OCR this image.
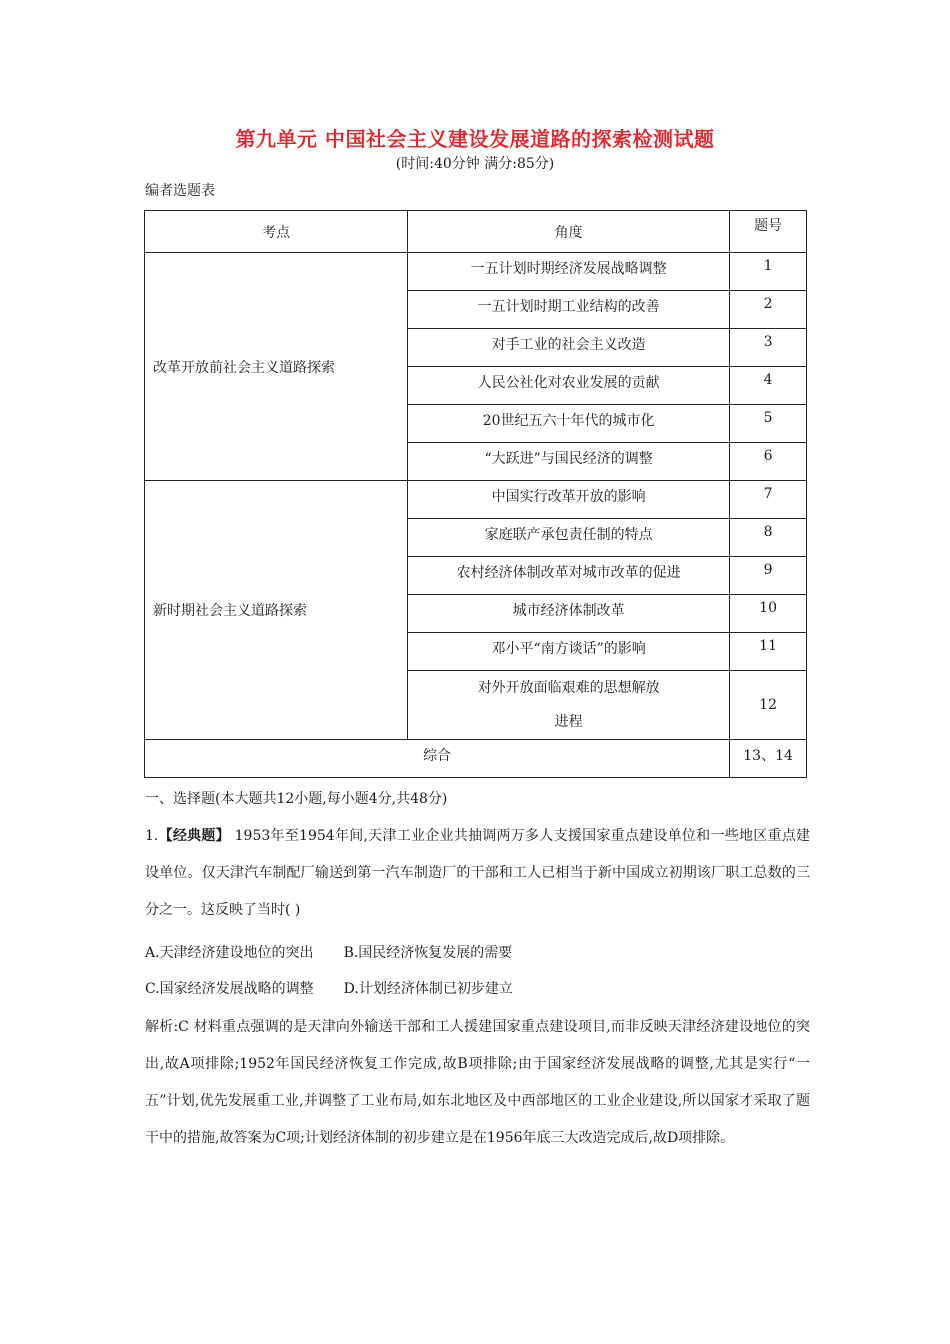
第九单元 中国社会主义建设发展道路的探索检测试题
(时间:40分钟 满分:85分)
编者选题表
考点	角度	题号
改革开放前社会主义道路探索	一五计划时期经济发展战略调整	1
	一五计划时期工业结构的改善	2
	对手工业的社会主义改造	3
	人民公社化对农业发展的贡献	4
	20世纪五六十年代的城市化	5
	“大跃进”与国民经济的调整	6
新时期社会主义道路探索	中国实行改革开放的影响	7
	家庭联产承包责任制的特点	8
	农村经济体制改革对城市改革的促进	9
	城市经济体制改革	10
	邓小平“南方谈话”的影响	11

	对外开放面临艰难的思想解放
进程	12
综合		13、14
一、选择题(本大题共12小题,每小题4分,共48分)
1.【经典题】 1953年至1954年间,天津工业企业共抽调两万多人支援国家重点建设单位和一些地区重点建设单位。仅天津汽车制配厂输送到第一汽车制造厂的干部和工人已相当于新中国成立初期该厂职工总数的三分之一。这反映了当时( )
A.天津经济建设地位的突出 B.国民经济恢复发展的需要
C.国家经济发展战略的调整 D.计划经济体制已初步建立
解析:C 材料重点强调的是天津向外输送干部和工人援建国家重点建设项目,而非反映天津经济建设地位的突出,故A项排除;1952年国民经济恢复工作完成,故B项排除;由于国家经济发展战略的调整,尤其是实行“一五”计划,优先发展重工业,并调整了工业布局,如东北地区及中西部地区的工业企业建设,所以国家才采取了题干中的措施,故答案为C项;计划经济体制的初步建立是在1956年底三大改造完成后,故D项排除。
